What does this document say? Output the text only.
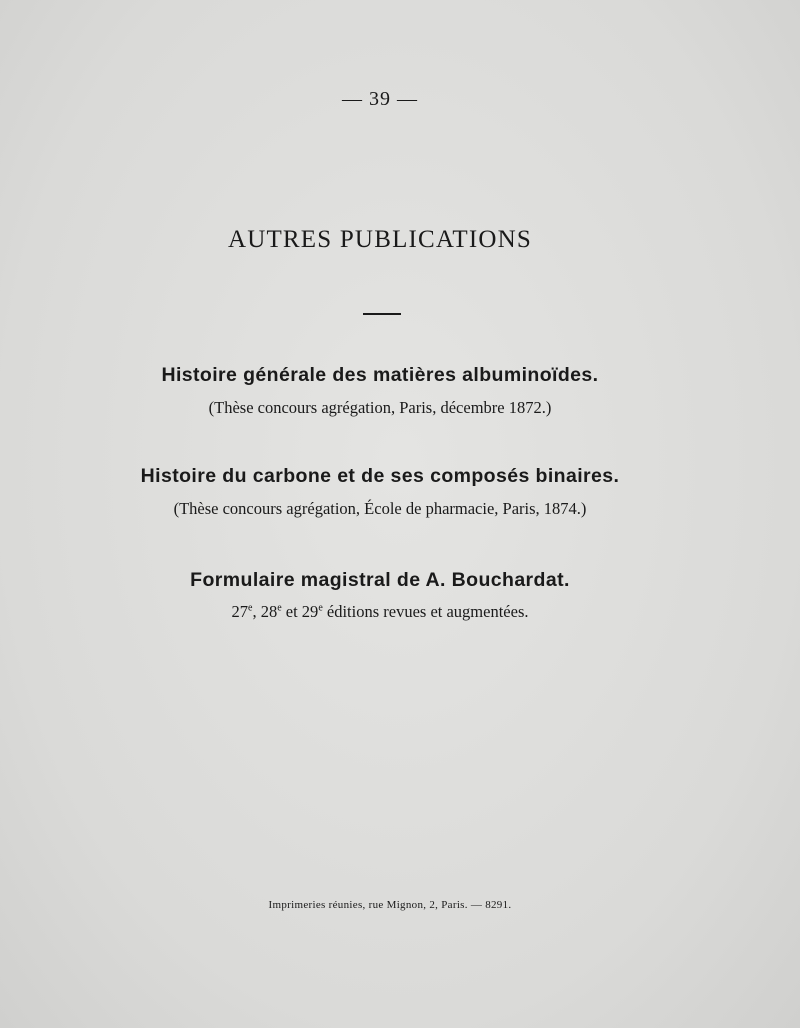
— 39 —
AUTRES PUBLICATIONS
Histoire générale des matières albuminoïdes.
(Thèse concours agrégation, Paris, décembre 1872.)
Histoire du carbone et de ses composés binaires.
(Thèse concours agrégation, École de pharmacie, Paris, 1874.)
Formulaire magistral de A. Bouchardat.
27e, 28e et 29e éditions revues et augmentées.
Imprimeries réunies, rue Mignon, 2, Paris. — 8291.
